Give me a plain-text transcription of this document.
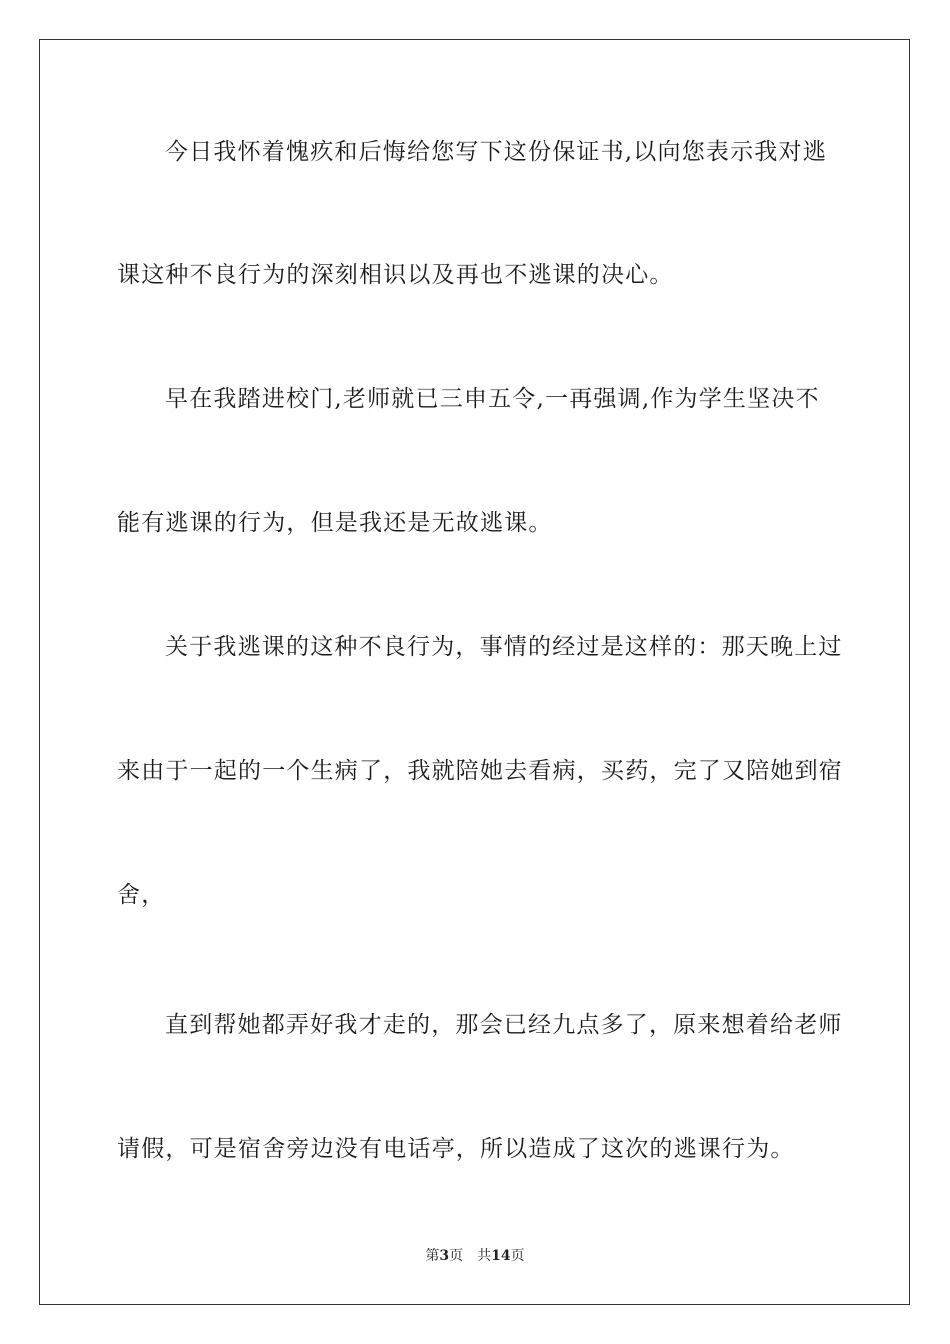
今日我怀着愧疚和后悔给您写下这份保证书,以向您表示我对逃
课这种不良行为的深刻相识以及再也不逃课的决心。
早在我踏进校门,老师就已三申五令,一再强调,作为学生坚决不
能有逃课的行为，但是我还是无故逃课。
关于我逃课的这种不良行为，事情的经过是这样的：那天晚上过
来由于一起的一个生病了，我就陪她去看病，买药，完了又陪她到宿
舍，
直到帮她都弄好我才走的，那会已经九点多了，原来想着给老师
请假，可是宿舍旁边没有电话亭，所以造成了这次的逃课行为。
第3页 共14页
